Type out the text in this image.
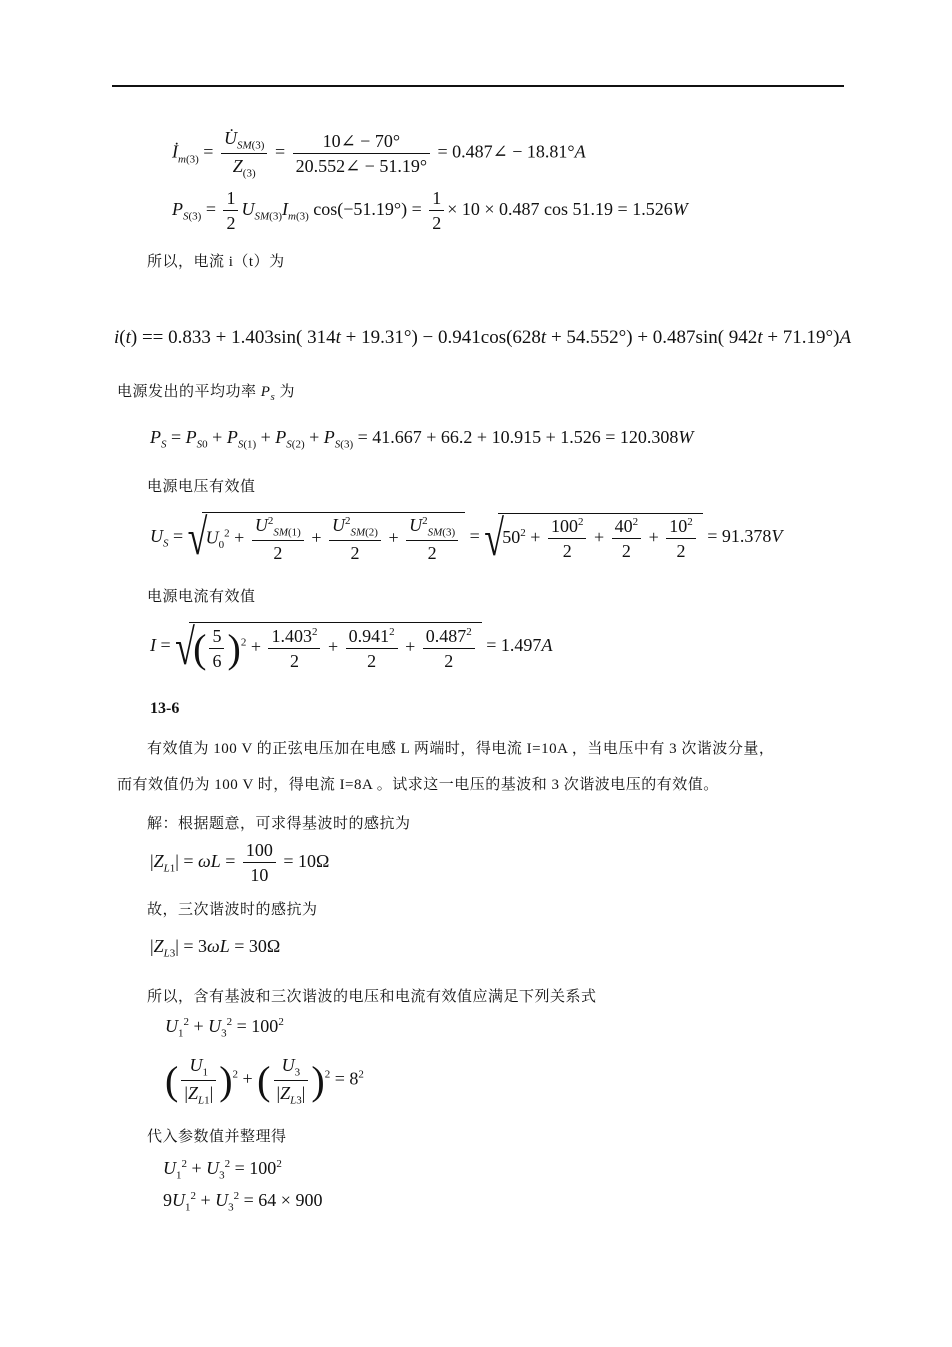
$İ_{m(3)} = \frac{U̇_{SM(3)}}{Z_{(3)}} = \frac{10\angle - 70^\circ}{20.552\angle - 51.19^\circ}$ = 0.487∠ − 18.81°A
$P_{S(3)} = \frac{1}{2} U_{SM(3)}I_{m(3)}$ $\cos(-51.19^\circ) = \frac{1}{2} \times 10 \times 0.487$ cos 51.19 = 1.526W
所以，电流 i（t）为
i(t) == 0.833 + 1.403sin( 314t + 19.31°) − 0.941cos(628t + 54.552°) + 0.487sin( 942t + 71.19°)A
电源发出的平均功率 $P_s$ 为
$P_S = P_{S0} + P_{S(1)} + P_{S(2)} + P_{S(3)} = 41.667 + 66.2 + 10.915 + 1.526 = 120.308W$
电源电压有效值
$U_S$ = √
$U_0^2 + \frac{U^2_{SM(1)}}{2} + \frac{U^2_{SM(2)}}{2} + \frac{U^2_{SM(3)}}{2}$ = √
$50^2 + \frac{100^2}{2} + \frac{40^2}{2} + \frac{10^2}{2} = 91.378V$
电源电流有效值
I = √
( $\frac{5}{6} )^2 + \frac{1.403^2}{2} + \frac{0.941^2}{2} + \frac{0.487^2}{2} = 1.497A$
13-6
有效值为 100 V 的正弦电压加在电感 L 两端时，得电流 I=10A ，当电压中有 3 次谐波分量，
而有效值仍为 100 V 时，得电流 I=8A 。试求这一电压的基波和 3 次谐波电压的有效值。
解：根据题意，可求得基波时的感抗为
$|Z_{L1}| = \omega L = \frac{100}{10} = 10\Omega$
故，三次谐波时的感抗为
$|Z_{L3}| = 3\omega L = 30\Omega$
所以，含有基波和三次谐波的电压和电流有效值应满足下列关系式
$U_1^2 + U_3^2 = 100^2$
( $\frac{U_1}{|Z_{L1}|} )^2$ + ( $\frac{U_3}{|Z_{L3}|} )^2 = 8^2$
代入参数值并整理得
$U_1^2 + U_3^2 = 100^2$
$9U_1^2 + U_3^2 = 64 \times 900$
